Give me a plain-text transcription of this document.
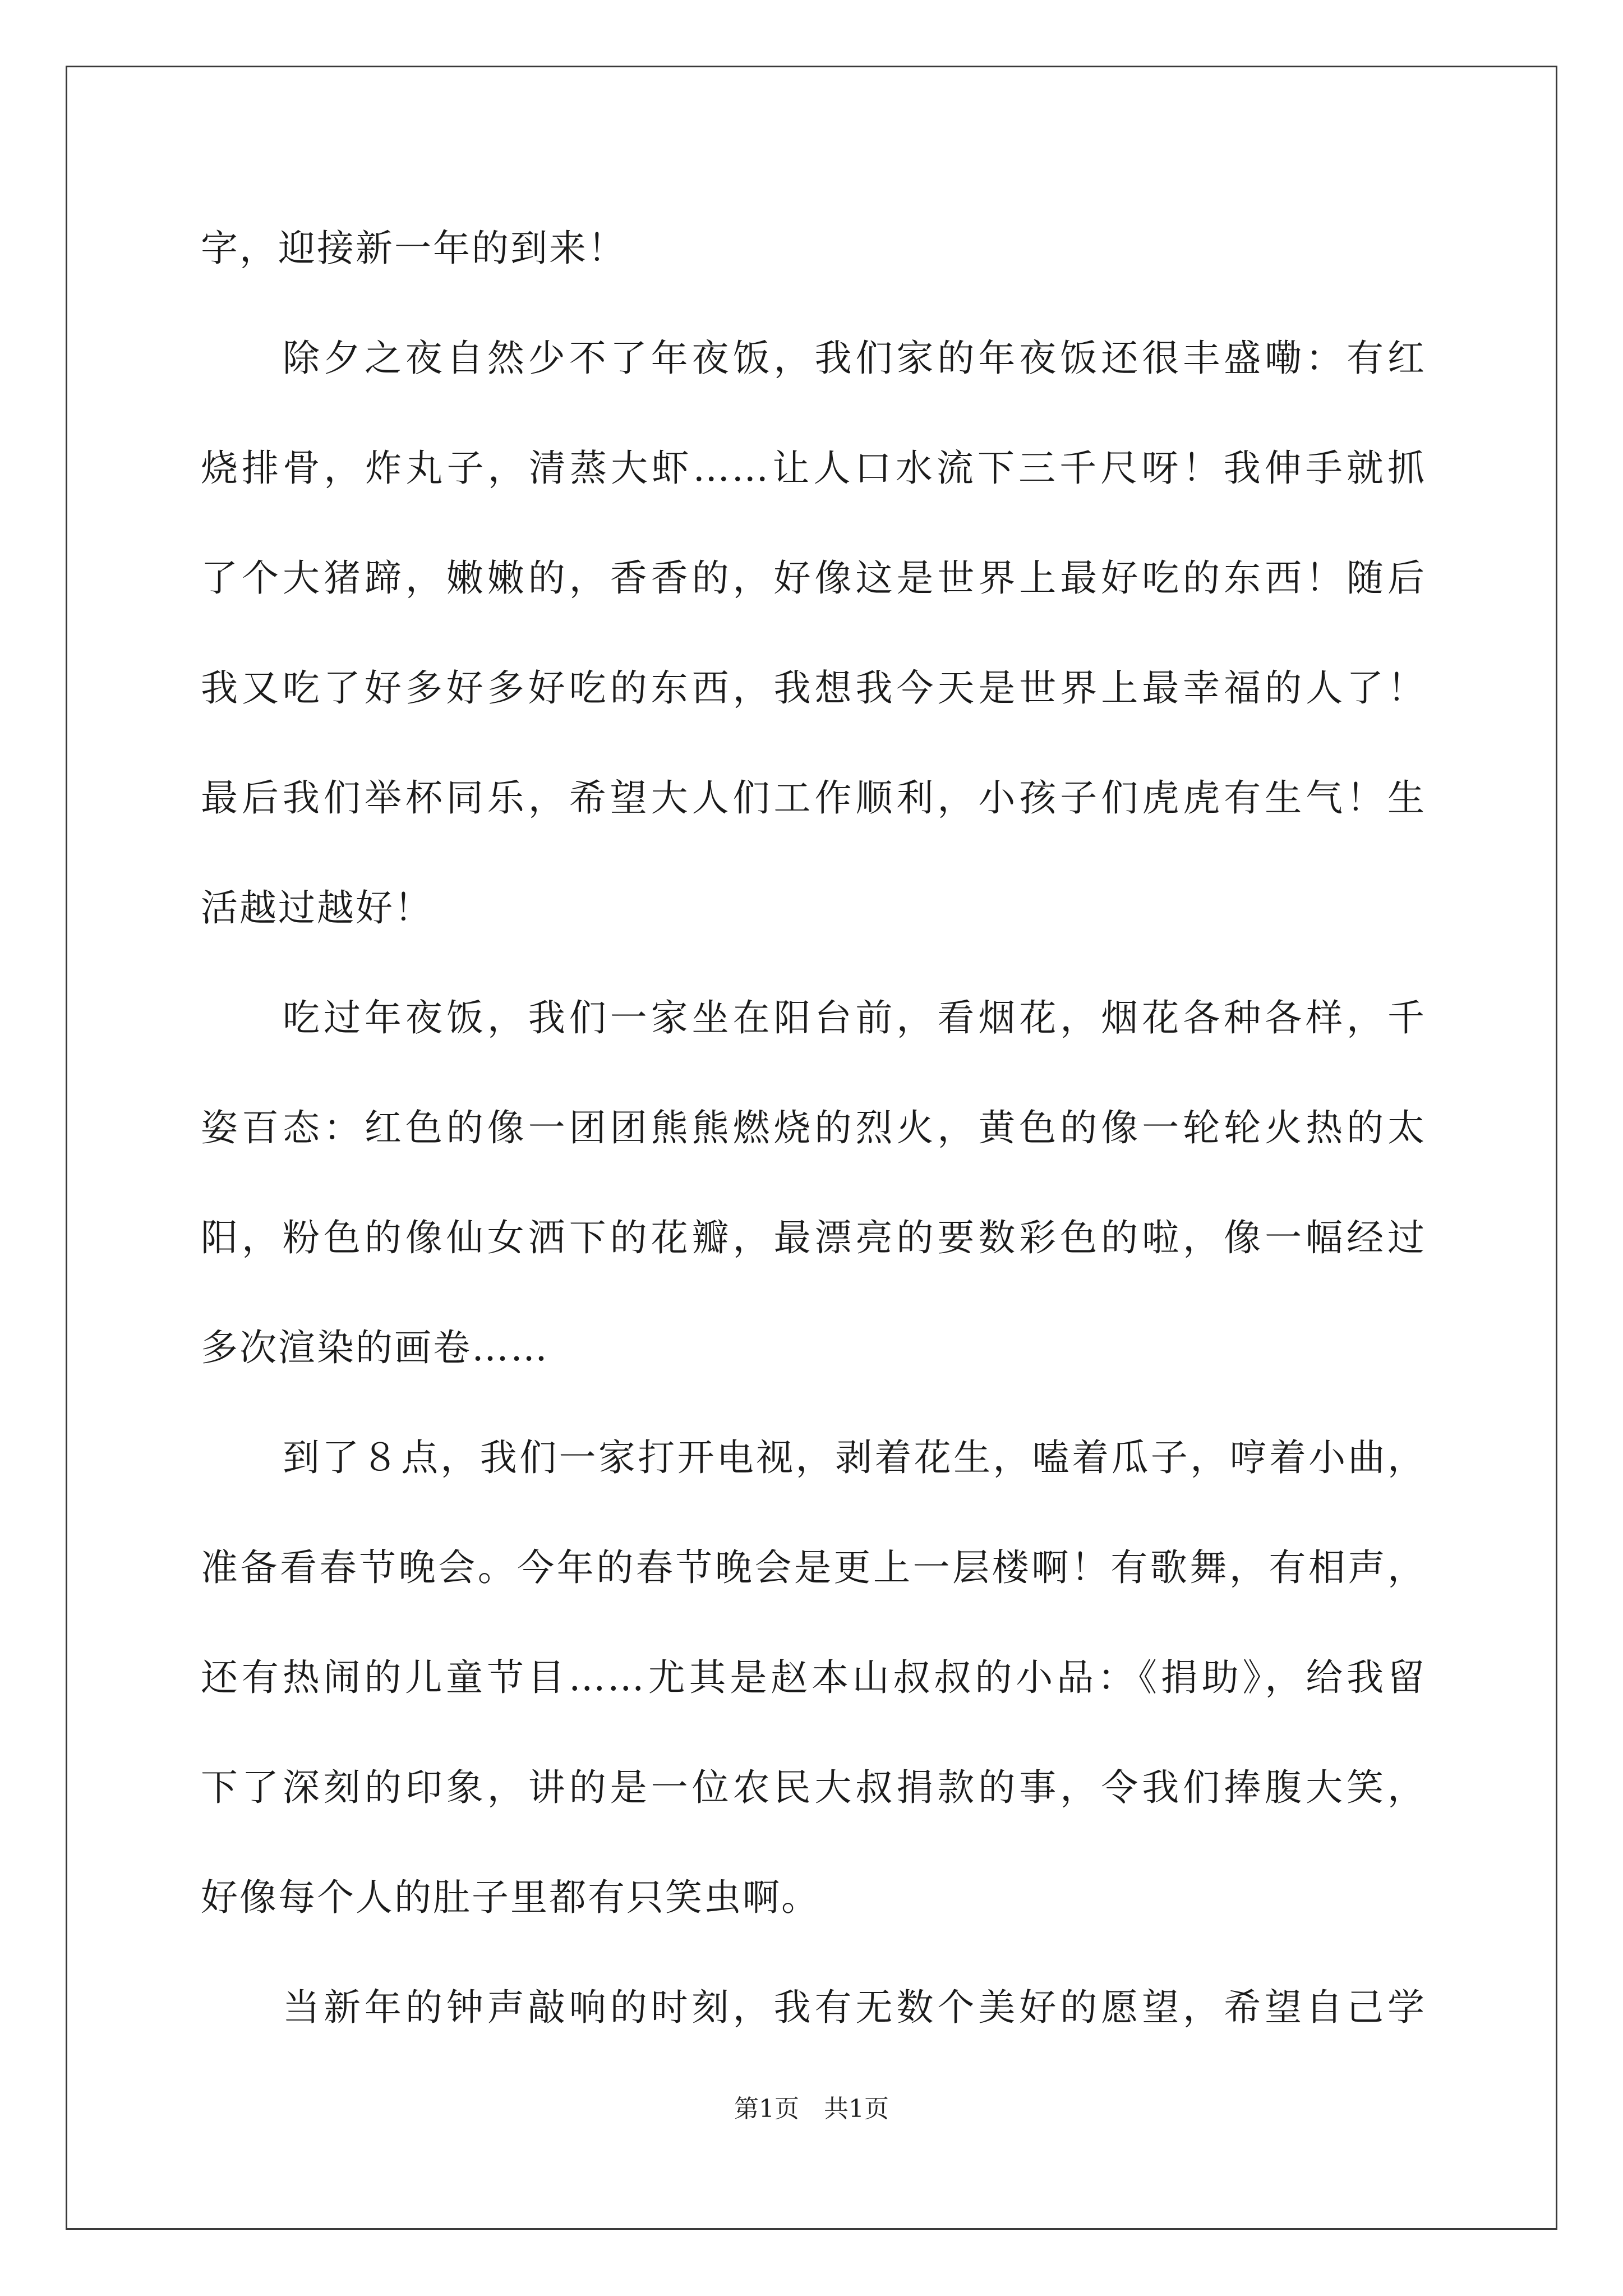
字，迎接新一年的到来！
除夕之夜自然少不了年夜饭，我们家的年夜饭还很丰盛嘞：有红
烧排骨，炸丸子，清蒸大虾……让人口水流下三千尺呀！我伸手就抓
了个大猪蹄，嫩嫩的，香香的，好像这是世界上最好吃的东西！随后
我又吃了好多好多好吃的东西，我想我今天是世界上最幸福的人了！
最后我们举杯同乐，希望大人们工作顺利，小孩子们虎虎有生气！生
活越过越好！
吃过年夜饭，我们一家坐在阳台前，看烟花，烟花各种各样，千
姿百态：红色的像一团团熊熊燃烧的烈火，黄色的像一轮轮火热的太
阳，粉色的像仙女洒下的花瓣，最漂亮的要数彩色的啦，像一幅经过
多次渲染的画卷……
到了８点，我们一家打开电视，剥着花生，嗑着瓜子，哼着小曲，
准备看春节晚会。今年的春节晚会是更上一层楼啊！有歌舞，有相声，
还有热闹的儿童节目……尤其是赵本山叔叔的小品：《捐助》，给我留
下了深刻的印象，讲的是一位农民大叔捐款的事，令我们捧腹大笑，
好像每个人的肚子里都有只笑虫啊。
当新年的钟声敲响的时刻，我有无数个美好的愿望，希望自己学
第1页　共1页
